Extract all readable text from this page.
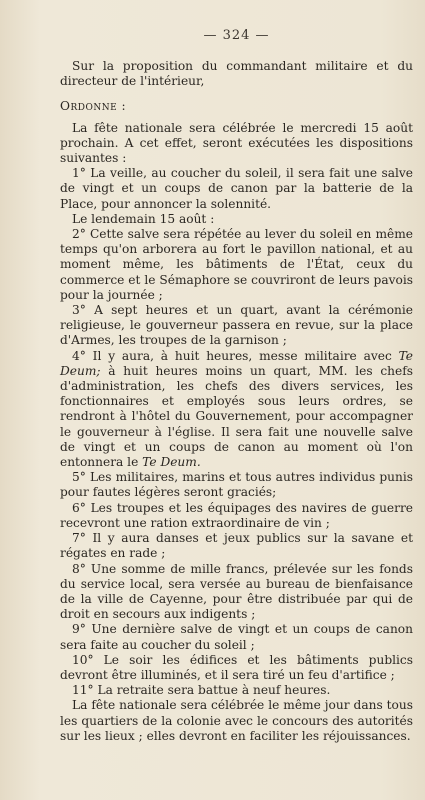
— 324 —

Sur la proposition du commandant militaire et du directeur de l'intérieur,

Ordonne :

La fête nationale sera célébrée le mercredi 15 août prochain. A cet effet, seront exécutées les dispositions suivantes :

1° La veille, au coucher du soleil, il sera fait une salve de vingt et un coups de canon par la batterie de la Place, pour annoncer la solennité.

Le lendemain 15 août :

2° Cette salve sera répétée au lever du soleil en même temps qu'on arborera au fort le pavillon national, et au moment même, les bâtiments de l'État, ceux du commerce et le Sémaphore se couvriront de leurs pavois pour la journée ;

3° A sept heures et un quart, avant la cérémonie religieuse, le gouverneur passera en revue, sur la place d'Armes, les troupes de la garnison ;

4° Il y aura, à huit heures, messe militaire avec Te Deum; à huit heures moins un quart, MM. les chefs d'administration, les chefs des divers services, les fonctionnaires et employés sous leurs ordres, se rendront à l'hôtel du Gouvernement, pour accompagner le gouverneur à l'église. Il sera fait une nouvelle salve de vingt et un coups de canon au moment où l'on entonnera le Te Deum.

5° Les militaires, marins et tous autres individus punis pour fautes légères seront graciés;

6° Les troupes et les équipages des navires de guerre recevront une ration extraordinaire de vin ;

7° Il y aura danses et jeux publics sur la savane et régates en rade ;

8° Une somme de mille francs, prélevée sur les fonds du service local, sera versée au bureau de bienfaisance de la ville de Cayenne, pour être distribuée par qui de droit en secours aux indigents ;

9° Une dernière salve de vingt et un coups de canon sera faite au coucher du soleil ;

10° Le soir les édifices et les bâtiments publics devront être illuminés, et il sera tiré un feu d'artifice ;

11° La retraite sera battue à neuf heures.

La fête nationale sera célébrée le même jour dans tous les quartiers de la colonie avec le concours des autorités sur les lieux ; elles devront en faciliter les réjouissances.
